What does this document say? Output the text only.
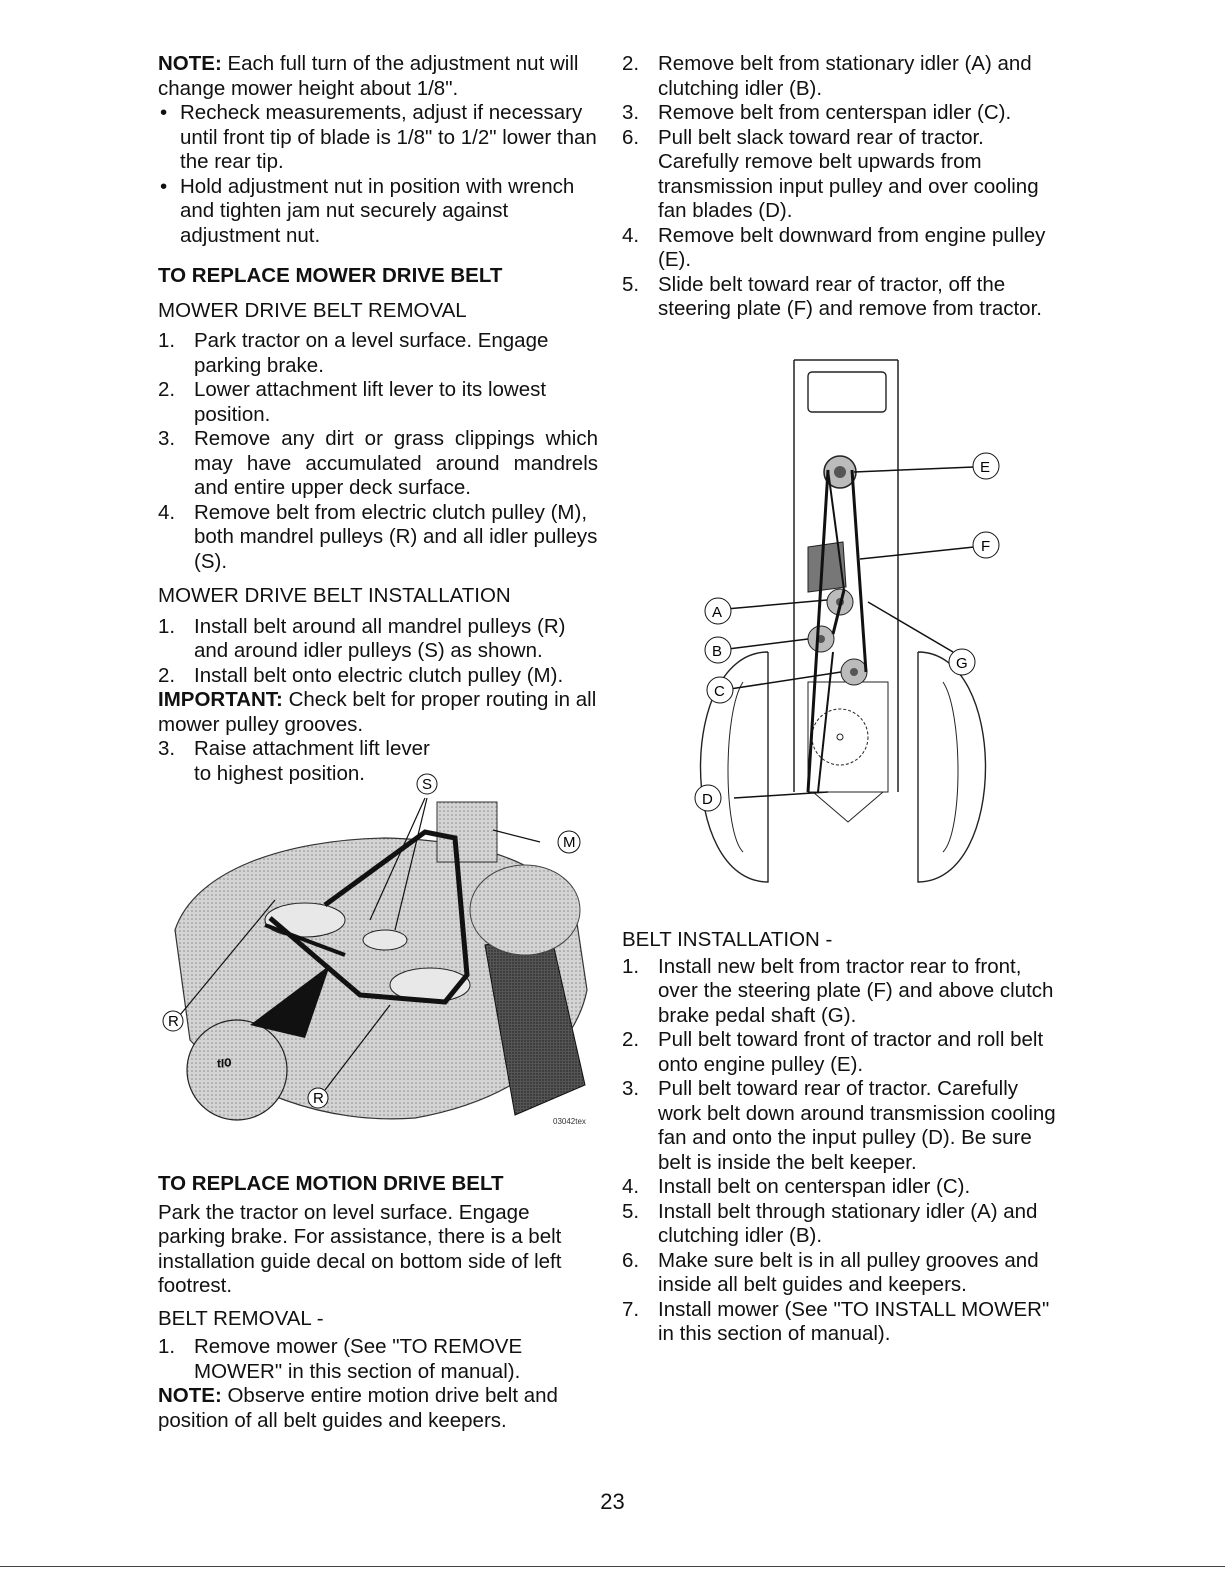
NOTE: Each full turn of the adjustment nut will change mower height about 1/8".

• Recheck measurements, adjust if necessary until front tip of blade is 1/8" to 1/2" lower than the rear tip.

• Hold adjustment nut in position with wrench and tighten jam nut securely against adjustment nut.

TO REPLACE MOWER DRIVE BELT

MOWER DRIVE BELT REMOVAL

1. Park tractor on a level surface. Engage parking brake.

2. Lower attachment lift lever to its lowest position.

3. Remove any dirt or grass clippings which may have accumulated around mandrels and entire upper deck surface.

4. Remove belt from electric clutch pulley (M), both mandrel pulleys (R) and all idler pulleys (S).

MOWER DRIVE BELT INSTALLATION

1. Install belt around all mandrel pulleys (R) and around idler pulleys (S) as shown.

2. Install belt onto electric clutch pulley (M).

IMPORTANT: Check belt for proper routing in all mower pulley grooves.

3. Raise attachment lift lever to highest position.

ᵗᴵ⁰
S
M
R
R
03042tex

TO REPLACE MOTION DRIVE BELT

Park the tractor on level surface. Engage parking brake. For assistance, there is a belt installation guide decal on bottom side of left footrest.

BELT REMOVAL -

1. Remove mower (See "TO REMOVE MOWER" in this section of manual).

NOTE: Observe entire motion drive belt and position of all belt guides and keepers.

2. Remove belt from stationary idler (A) and clutching idler (B).

3. Remove belt from centerspan idler (C).

6. Pull belt slack toward rear of tractor. Carefully remove belt upwards from transmission input pulley and over cooling fan blades (D).

4. Remove belt downward from engine pulley (E).

5. Slide belt toward rear of tractor, off the steering plate (F) and remove from tractor.

E
F
A
B
C
G
D

BELT INSTALLATION -

1. Install new belt from tractor rear to front, over the steering plate (F) and above clutch brake pedal shaft (G).

2. Pull belt toward front of tractor and roll belt onto engine pulley (E).

3. Pull belt toward rear of tractor. Carefully work belt down around transmission cooling fan and onto the input pulley (D). Be sure belt is inside the belt keeper.

4. Install belt on centerspan idler (C).

5. Install belt through stationary idler (A) and clutching idler (B).

6. Make sure belt is in all pulley grooves and inside all belt guides and keepers.

7. Install mower (See "TO INSTALL MOWER" in this section of manual).

23
